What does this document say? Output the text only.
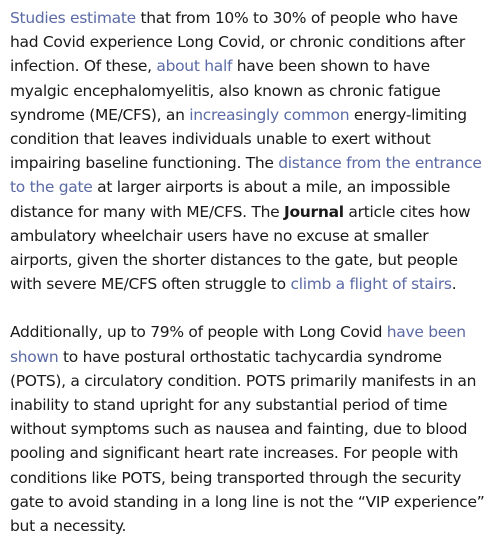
Studies estimate that from 10% to 30% of people who have had Covid experience Long Covid, or chronic conditions after infection. Of these, about half have been shown to have myalgic encephalomyelitis, also known as chronic fatigue syndrome (ME/CFS), an increasingly common energy-limiting condition that leaves individuals unable to exert without impairing baseline functioning. The distance from the entrance to the gate at larger airports is about a mile, an impossible distance for many with ME/CFS. The Journal article cites how ambulatory wheelchair users have no excuse at smaller airports, given the shorter distances to the gate, but people with severe ME/CFS often struggle to climb a flight of stairs.

Additionally, up to 79% of people with Long Covid have been shown to have postural orthostatic tachycardia syndrome (POTS), a circulatory condition. POTS primarily manifests in an inability to stand upright for any substantial period of time without symptoms such as nausea and fainting, due to blood pooling and significant heart rate increases. For people with conditions like POTS, being transported through the security gate to avoid standing in a long line is not the “VIP experience” but a necessity.
